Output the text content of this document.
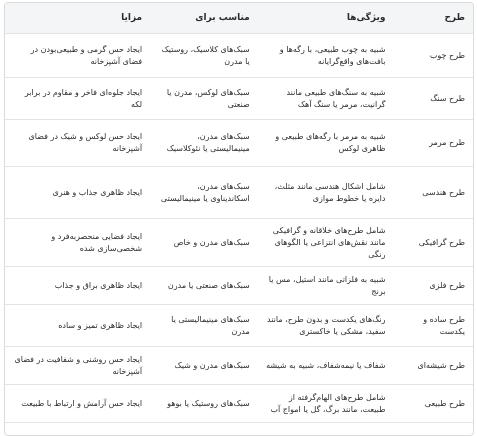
طرح	ویژگی‌ها	مناسب برای	مزایا
طرح چوب	شبیه به چوب طبیعی، با رگه‌ها و بافت‌های واقع‌گرایانه	سبک‌های کلاسیک، روستیک یا مدرن	ایجاد حس گرمی و طبیعی‌بودن در فضای آشپزخانه
طرح سنگ	شبیه به سنگ‌های طبیعی مانند گرانیت، مرمر یا سنگ آهک	سبک‌های لوکس، مدرن یا صنعتی	ایجاد جلوه‌ای فاخر و مقاوم در برابر لکه
طرح مرمر	شبیه به مرمر با رگه‌های طبیعی و ظاهری لوکس	سبک‌های مدرن، مینیمالیستی یا نئوکلاسیک	ایجاد حس لوکس و شیک در فضای آشپزخانه
طرح هندسی	شامل اشکال هندسی مانند مثلث، دایره یا خطوط موازی	سبک‌های مدرن، اسکاندیناوی یا مینیمالیستی	ایجاد ظاهری جذاب و هنری
طرح گرافیکی	شامل طرح‌های خلاقانه و گرافیکی مانند نقش‌های انتزاعی یا الگوهای رنگی	سبک‌های مدرن و خاص	ایجاد فضایی منحصربه‌فرد و شخصی‌سازی شده
طرح فلزی	شبیه به فلزاتی مانند استیل، مس یا برنج	سبک‌های صنعتی یا مدرن	ایجاد ظاهری براق و جذاب
طرح ساده و یکدست	رنگ‌های یکدست و بدون طرح، مانند سفید، مشکی یا خاکستری	سبک‌های مینیمالیستی یا مدرن	ایجاد ظاهری تمیز و ساده
طرح شیشه‌ای	شفاف یا نیمه‌شفاف، شبیه به شیشه	سبک‌های مدرن و شیک	ایجاد حس روشنی و شفافیت در فضای آشپزخانه
طرح طبیعی	شامل طرح‌های الهام‌گرفته از طبیعت، مانند برگ، گل یا امواج آب	سبک‌های روستیک یا بوهو	ایجاد حس آرامش و ارتباط با طبیعت
